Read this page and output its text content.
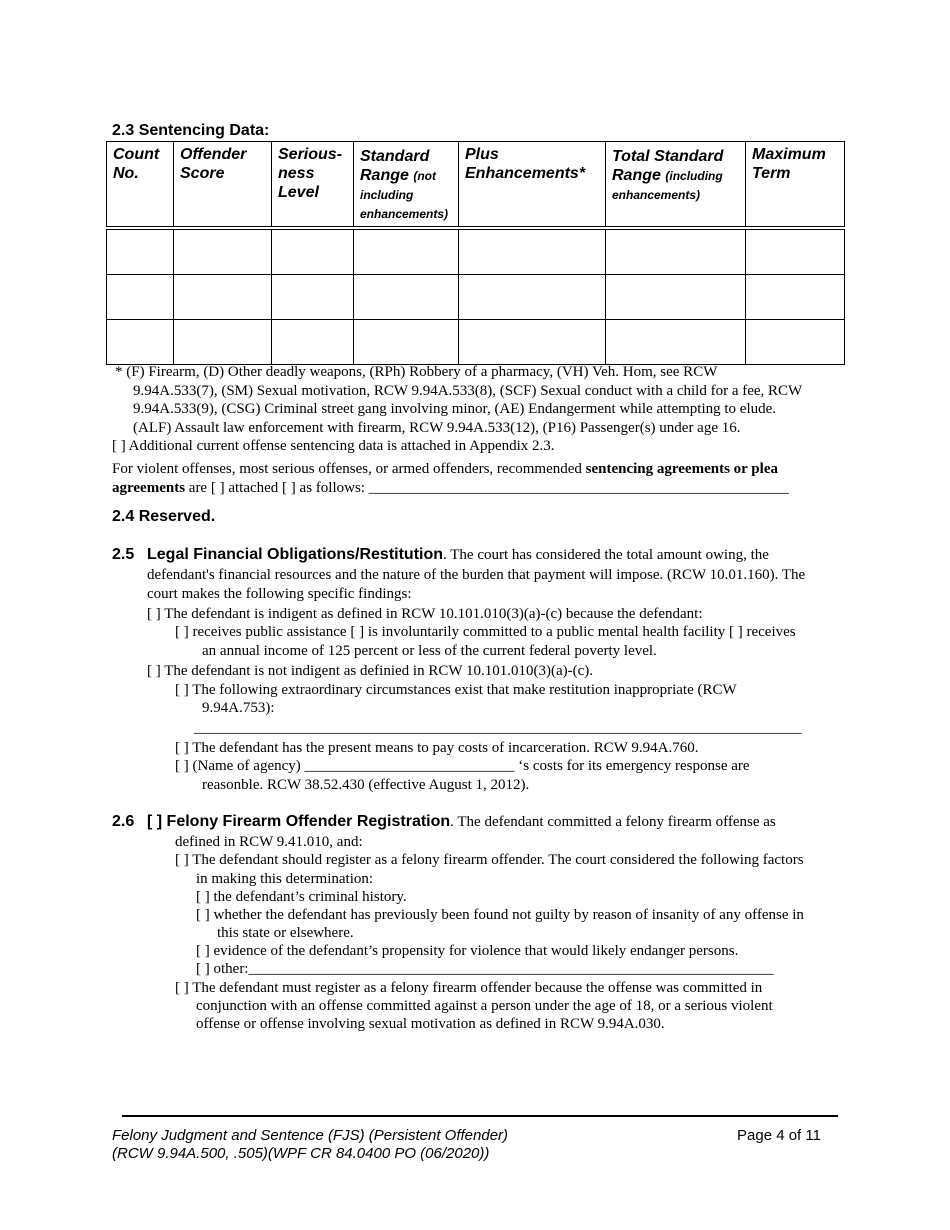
2.3 Sentencing Data:
Count No.	Offender Score	Serious-ness Level	Standard Range (not including enhancements)	Plus Enhancements*	Total Standard Range (including enhancements)	Maximum Term

* (F) Firearm, (D) Other deadly weapons, (RPh) Robbery of a pharmacy, (VH) Veh. Hom, see RCW
9.94A.533(7), (SM) Sexual motivation, RCW 9.94A.533(8), (SCF) Sexual conduct with a child for a fee, RCW
9.94A.533(9), (CSG) Criminal street gang involving minor, (AE) Endangerment while attempting to elude.
(ALF) Assault law enforcement with firearm, RCW 9.94A.533(12), (P16) Passenger(s) under age 16.
[ ] Additional current offense sentencing data is attached in Appendix 2.3.
For violent offenses, most serious offenses, or armed offenders, recommended sentencing agreements or plea
agreements are [ ] attached [ ] as follows: ________________________________________________________
2.4 Reserved.
2.5 Legal Financial Obligations/Restitution. The court has considered the total amount owing, the
defendant's financial resources and the nature of the burden that payment will impose. (RCW 10.01.160). The
court makes the following specific findings:
[ ] The defendant is indigent as defined in RCW 10.101.010(3)(a)-(c) because the defendant:
[ ] receives public assistance [ ] is involuntarily committed to a public mental health facility [ ] receives
an annual income of 125 percent or less of the current federal poverty level.
[ ] The defendant is not indigent as definied in RCW 10.101.010(3)(a)-(c).
[ ] The following extraordinary circumstances exist that make restitution inappropriate (RCW
9.94A.753):
_________________________________________________________________________________
[ ] The defendant has the present means to pay costs of incarceration. RCW 9.94A.760.
[ ] (Name of agency) ____________________________ ‘s costs for its emergency response are
reasonble. RCW 38.52.430 (effective August 1, 2012).
2.6 [ ] Felony Firearm Offender Registration. The defendant committed a felony firearm offense as
defined in RCW 9.41.010, and:
[ ] The defendant should register as a felony firearm offender. The court considered the following factors
in making this determination:
[ ] the defendant’s criminal history.
[ ] whether the defendant has previously been found not guilty by reason of insanity of any offense in
this state or elsewhere.
[ ] evidence of the defendant’s propensity for violence that would likely endanger persons.
[ ] other:______________________________________________________________________
[ ] The defendant must register as a felony firearm offender because the offense was committed in
conjunction with an offense committed against a person under the age of 18, or a serious violent
offense or offense involving sexual motivation as defined in RCW 9.94A.030.
Felony Judgment and Sentence (FJS) (Persistent Offender)
(RCW 9.94A.500, .505)(WPF CR 84.0400 PO (06/2020))
Page 4 of 11
